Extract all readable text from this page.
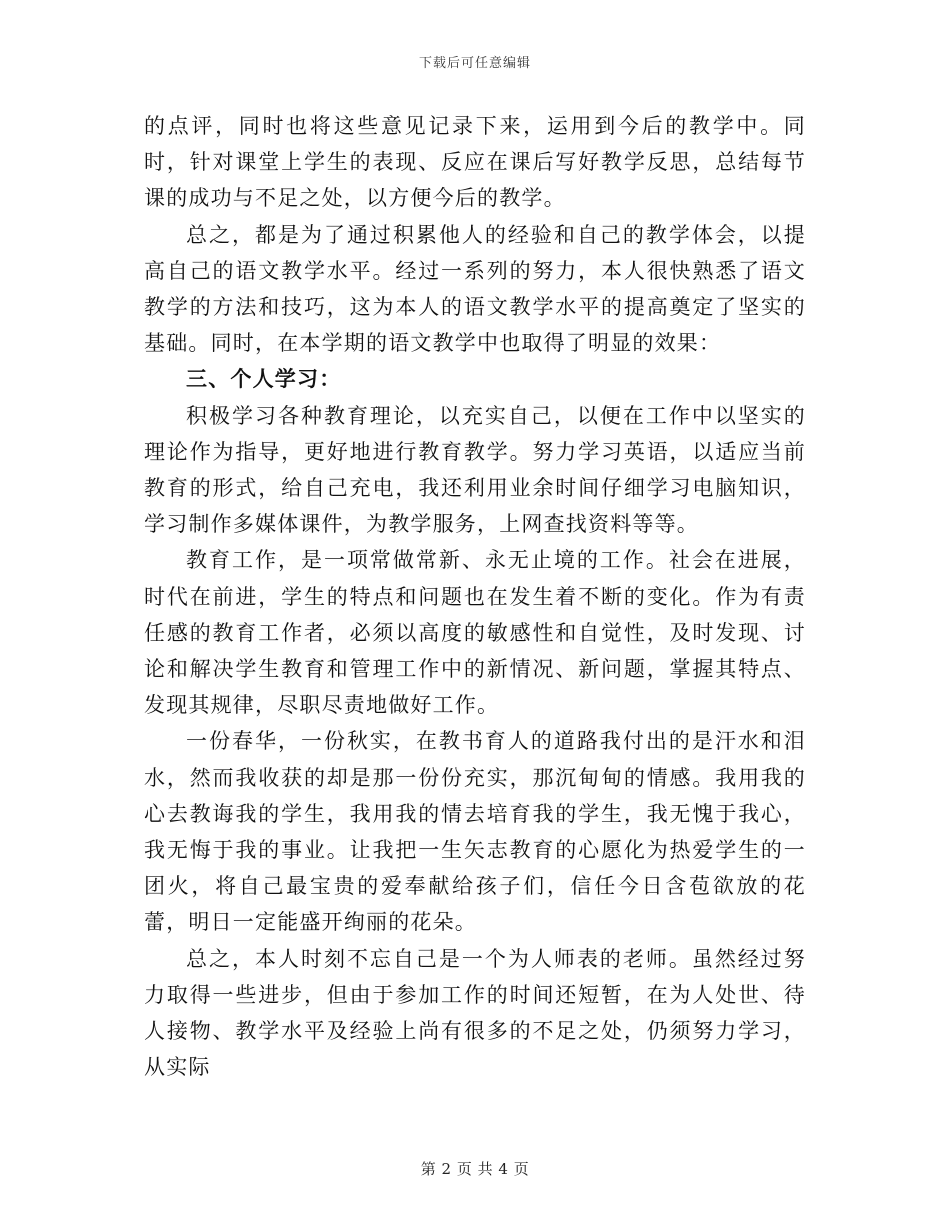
下载后可任意编辑

的点评，同时也将这些意见记录下来，运用到今后的教学中。同时，针对课堂上学生的表现、反应在课后写好教学反思，总结每节课的成功与不足之处，以方便今后的教学。

总之，都是为了通过积累他人的经验和自己的教学体会，以提高自己的语文教学水平。经过一系列的努力，本人很快熟悉了语文教学的方法和技巧，这为本人的语文教学水平的提高奠定了坚实的基础。同时，在本学期的语文教学中也取得了明显的效果：

三、个人学习：

积极学习各种教育理论，以充实自己，以便在工作中以坚实的理论作为指导，更好地进行教育教学。努力学习英语，以适应当前教育的形式，给自己充电，我还利用业余时间仔细学习电脑知识，学习制作多媒体课件，为教学服务，上网查找资料等等。

教育工作，是一项常做常新、永无止境的工作。社会在进展，时代在前进，学生的特点和问题也在发生着不断的变化。作为有责任感的教育工作者，必须以高度的敏感性和自觉性，及时发现、讨论和解决学生教育和管理工作中的新情况、新问题，掌握其特点、发现其规律，尽职尽责地做好工作。

一份春华，一份秋实，在教书育人的道路我付出的是汗水和泪水，然而我收获的却是那一份份充实，那沉甸甸的情感。我用我的心去教诲我的学生，我用我的情去培育我的学生，我无愧于我心，我无悔于我的事业。让我把一生矢志教育的心愿化为热爱学生的一团火，将自己最宝贵的爱奉献给孩子们，信任今日含苞欲放的花蕾，明日一定能盛开绚丽的花朵。

总之，本人时刻不忘自己是一个为人师表的老师。虽然经过努力取得一些进步，但由于参加工作的时间还短暂，在为人处世、待人接物、教学水平及经验上尚有很多的不足之处，仍须努力学习，从实际

第 2 页 共 4 页
